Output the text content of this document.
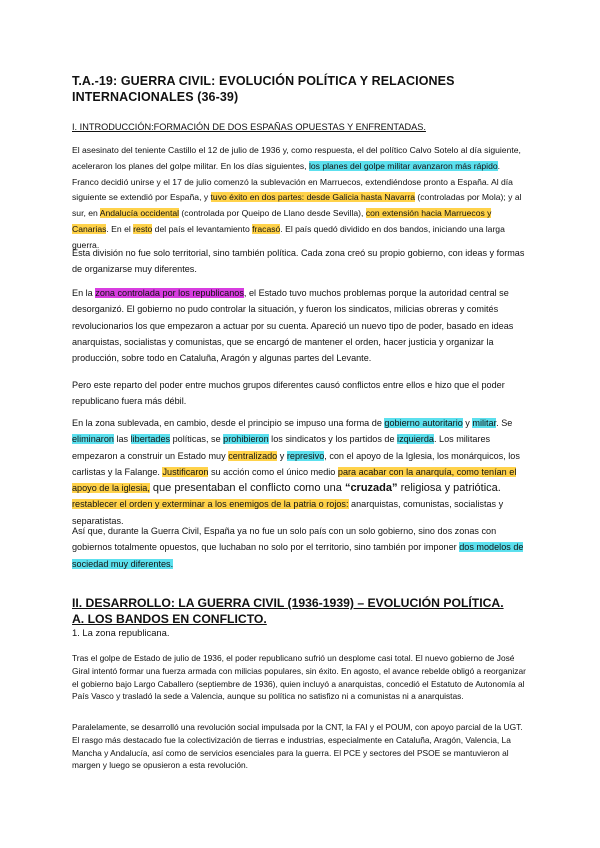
T.A.-19: GUERRA CIVIL: EVOLUCIÓN POLÍTICA Y RELACIONES
INTERNACIONALES (36-39)
I. INTRODUCCIÓN:FORMACIÓN DE DOS ESPAÑAS OPUESTAS Y ENFRENTADAS.

El asesinato del teniente Castillo el 12 de julio de 1936 y, como respuesta, el del político Calvo Sotelo al día siguiente, aceleraron los planes del golpe militar. En los días siguientes, los planes del golpe militar avanzaron más rápido. Franco decidió unirse y el 17 de julio comenzó la sublevación en Marruecos, extendiéndose pronto a España. Al día siguiente se extendió por España, y tuvo éxito en dos partes: desde Galicia hasta Navarra (controladas por Mola); y al sur, en Andalucía occidental (controlada por Queipo de Llano desde Sevilla), con extensión hacia Marruecos y Canarias. En el resto del país el levantamiento fracasó. El país quedó dividido en dos bandos, iniciando una larga guerra.

Esta división no fue solo territorial, sino también política. Cada zona creó su propio gobierno, con ideas y formas de organizarse muy diferentes.

En la zona controlada por los republicanos, el Estado tuvo muchos problemas porque la autoridad central se desorganizó. El gobierno no pudo controlar la situación, y fueron los sindicatos, milicias obreras y comités revolucionarios los que empezaron a actuar por su cuenta. Apareció un nuevo tipo de poder, basado en ideas anarquistas, socialistas y comunistas, que se encargó de mantener el orden, hacer justicia y organizar la producción, sobre todo en Cataluña, Aragón y algunas partes del Levante.

Pero este reparto del poder entre muchos grupos diferentes causó conflictos entre ellos e hizo que el poder republicano fuera más débil.

En la zona sublevada, en cambio, desde el principio se impuso una forma de gobierno autoritario y militar. Se eliminaron las libertades políticas, se prohibieron los sindicatos y los partidos de izquierda. Los militares empezaron a construir un Estado muy centralizado y represivo, con el apoyo de la Iglesia, los monárquicos, los carlistas y la Falange. Justificaron su acción como el único medio para acabar con la anarquía, como tenían el apoyo de la iglesia, que presentaban el conflicto como una “cruzada” religiosa y patriótica. restablecer el orden y exterminar a los enemigos de la patria o rojos: anarquistas, comunistas, socialistas y separatistas.

Así que, durante la Guerra Civil, España ya no fue un solo país con un solo gobierno, sino dos zonas con gobiernos totalmente opuestos, que luchaban no solo por el territorio, sino también por imponer dos modelos de sociedad muy diferentes.

II. DESARROLLO: LA GUERRA CIVIL (1936-1939) – EVOLUCIÓN POLÍTICA.
A. LOS BANDOS EN CONFLICTO.
1. La zona republicana.

Tras el golpe de Estado de julio de 1936, el poder republicano sufrió un desplome casi total. El nuevo gobierno de José Giral intentó formar una fuerza armada con milicias populares, sin éxito. En agosto, el avance rebelde obligó a reorganizar el gobierno bajo Largo Caballero (septiembre de 1936), quien incluyó a anarquistas, concedió el Estatuto de Autonomía al País Vasco y trasladó la sede a Valencia, aunque su política no satisfizo ni a comunistas ni a anarquistas.

Paralelamente, se desarrolló una revolución social impulsada por la CNT, la FAI y el POUM, con apoyo parcial de la UGT. El rasgo más destacado fue la colectivización de tierras e industrias, especialmente en Cataluña, Aragón, Valencia, La Mancha y Andalucía, así como de servicios esenciales para la guerra. El PCE y sectores del PSOE se mantuvieron al margen y luego se opusieron a esta revolución.
